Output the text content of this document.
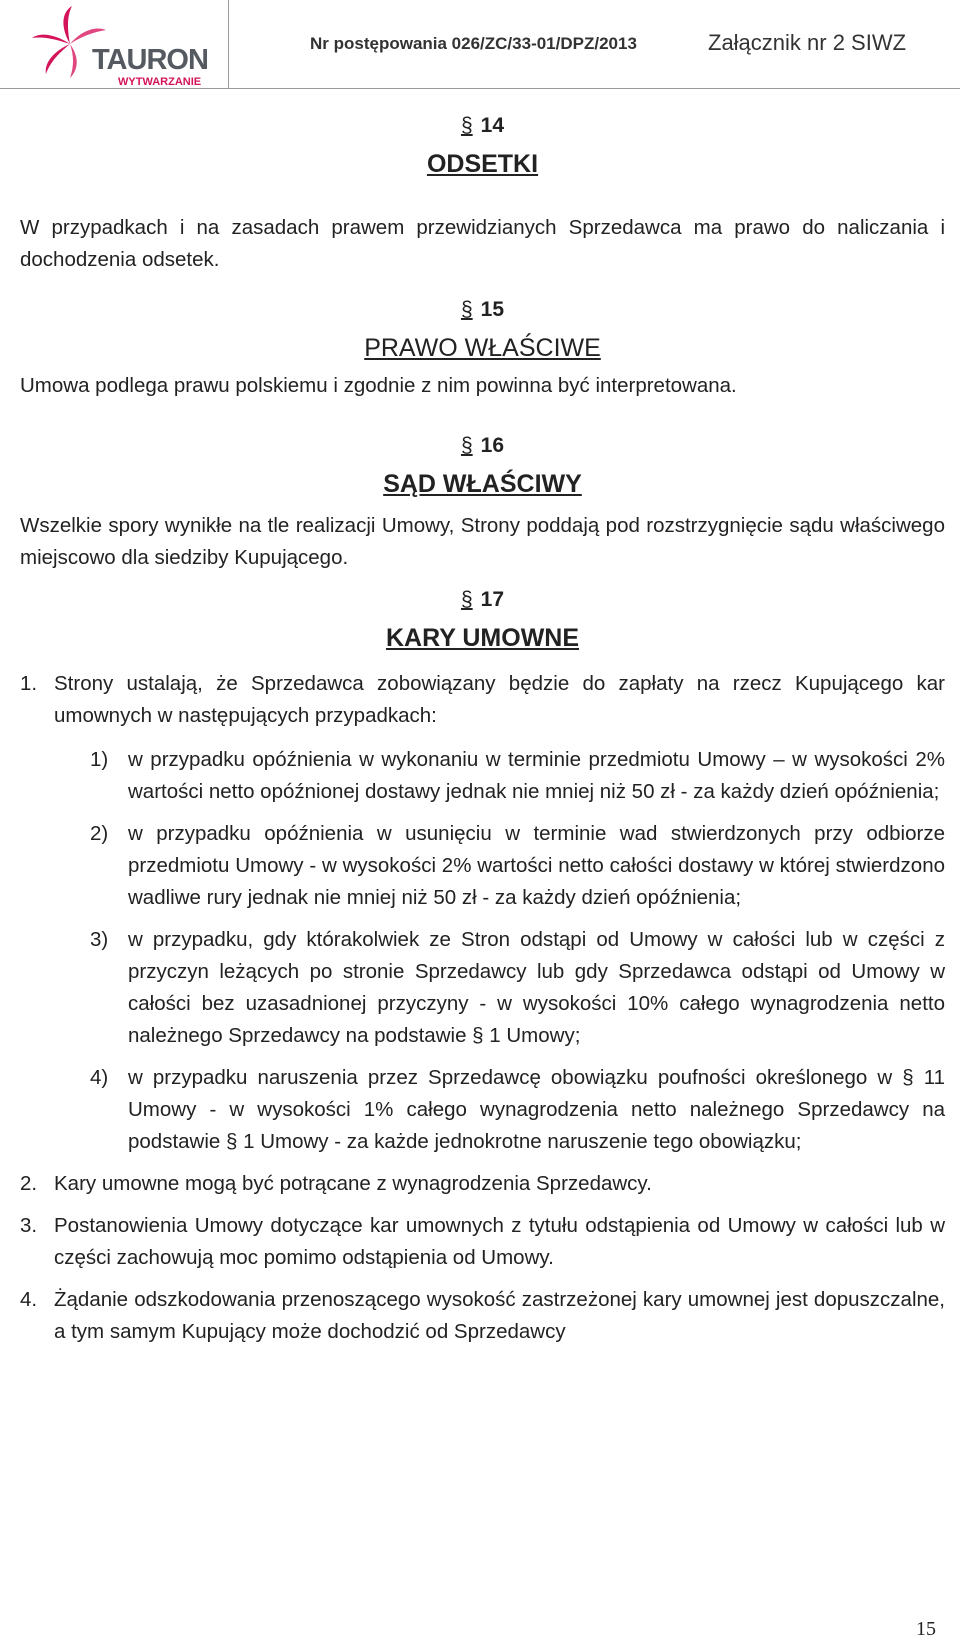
TAURON
WYTWARZANIE
Nr postępowania 026/ZC/33-01/DPZ/2013	Załącznik nr 2 SIWZ
§ 14
ODSETKI

W przypadkach i na zasadach prawem przewidzianych Sprzedawca ma prawo do naliczania i dochodzenia odsetek.

§ 15
PRAWO WŁAŚCIWE

Umowa podlega prawu polskiemu i zgodnie z nim powinna być interpretowana.

§ 16
SĄD WŁAŚCIWY

Wszelkie spory wynikłe na tle realizacji Umowy, Strony poddają pod rozstrzygnięcie sądu właściwego miejscowo dla siedziby Kupującego.

§ 17
KARY UMOWNE
1. Strony ustalają, że Sprzedawca zobowiązany będzie do zapłaty na rzecz Kupującego kar umownych w następujących przypadkach:
1) w przypadku opóźnienia w wykonaniu w terminie przedmiotu Umowy – w wysokości 2% wartości netto opóźnionej dostawy jednak nie mniej niż 50 zł - za każdy dzień opóźnienia;
2) w przypadku opóźnienia w usunięciu w terminie wad stwierdzonych przy odbiorze przedmiotu Umowy - w wysokości 2% wartości netto całości dostawy w której stwierdzono wadliwe rury jednak nie mniej niż 50 zł - za każdy dzień opóźnienia;
3) w przypadku, gdy którakolwiek ze Stron odstąpi od Umowy w całości lub w części z przyczyn leżących po stronie Sprzedawcy lub gdy Sprzedawca odstąpi od Umowy w całości bez uzasadnionej przyczyny - w wysokości 10% całego wynagrodzenia netto należnego Sprzedawcy na podstawie § 1 Umowy;
4) w przypadku naruszenia przez Sprzedawcę obowiązku poufności określonego w § 11 Umowy - w wysokości 1% całego wynagrodzenia netto należnego Sprzedawcy na podstawie § 1 Umowy - za każde jednokrotne naruszenie tego obowiązku;
2. Kary umowne mogą być potrącane z wynagrodzenia Sprzedawcy.
3. Postanowienia Umowy dotyczące kar umownych z tytułu odstąpienia od Umowy w całości lub w części zachowują moc pomimo odstąpienia od Umowy.
4. Żądanie odszkodowania przenoszącego wysokość zastrzeżonej kary umownej jest dopuszczalne, a tym samym Kupujący może dochodzić od Sprzedawcy
15
